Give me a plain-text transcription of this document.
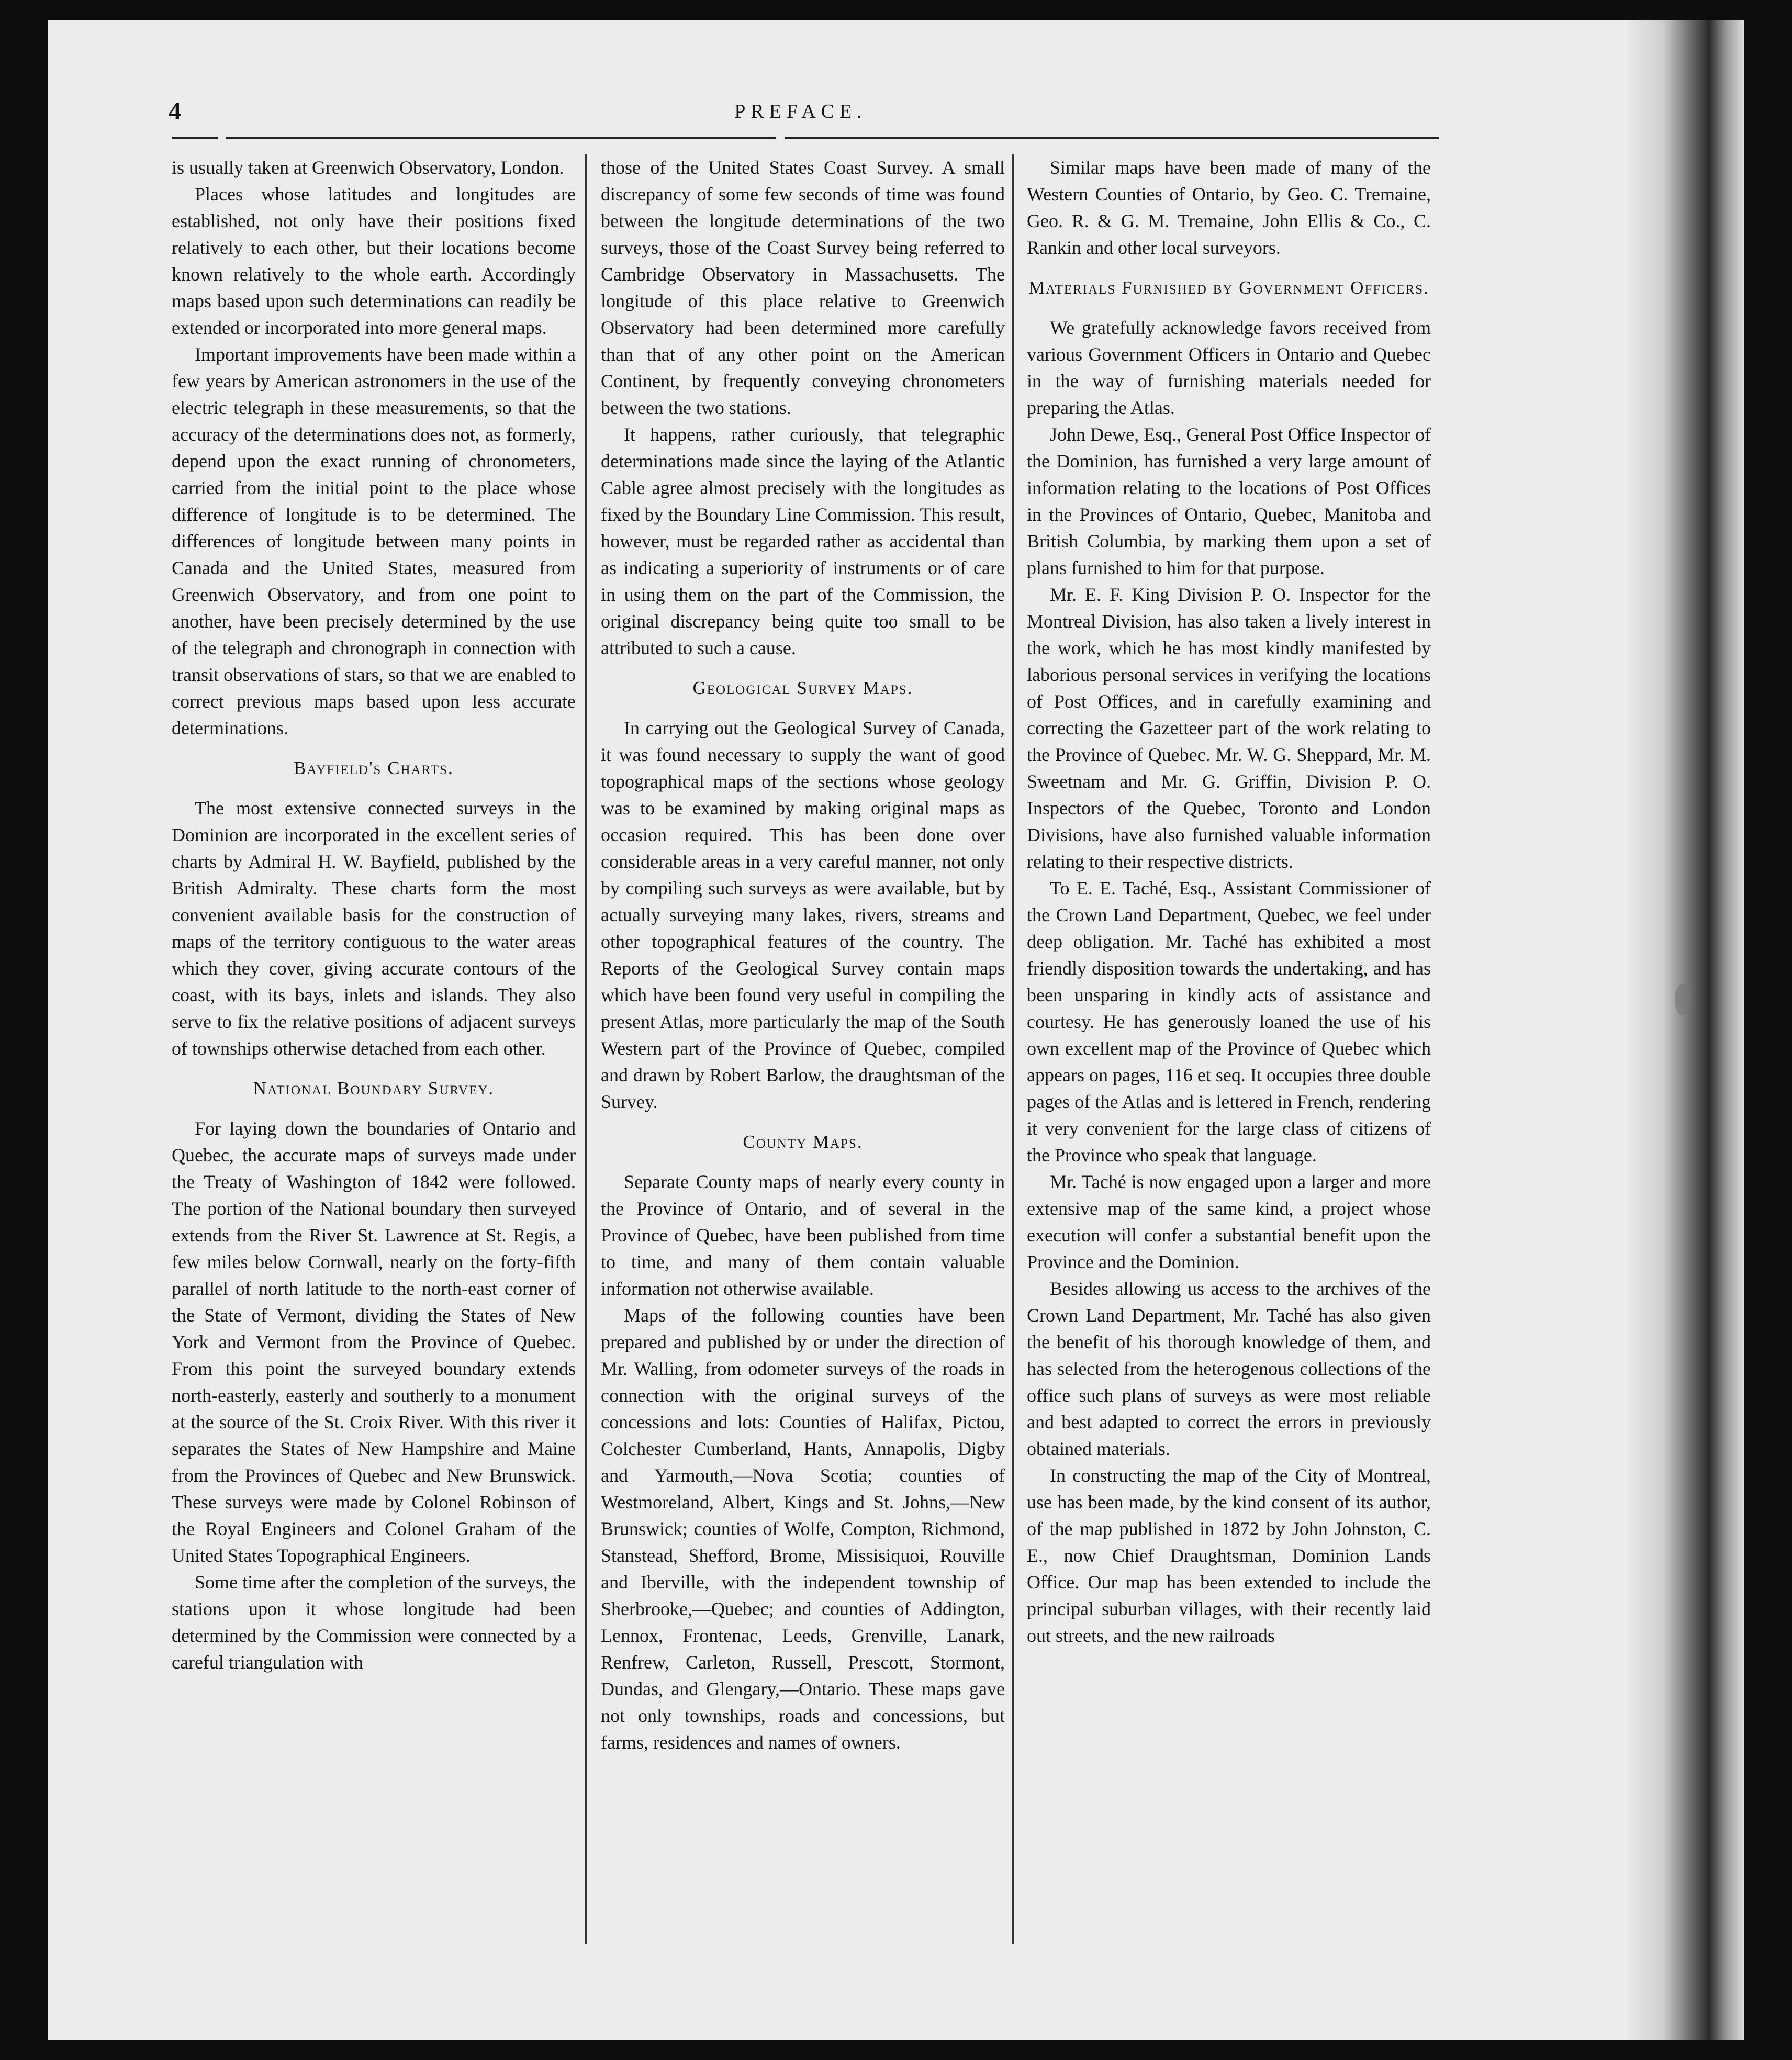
4	PREFACE.

is usually taken at Greenwich Observatory, London.

Places whose latitudes and longitudes are established, not only have their positions fixed relatively to each other, but their locations become known relatively to the whole earth. Accordingly maps based upon such determinations can readily be extended or incorporated into more general maps.

Important improvements have been made within a few years by American astronomers in the use of the electric telegraph in these measurements, so that the accuracy of the determinations does not, as formerly, depend upon the exact running of chronometers, carried from the initial point to the place whose difference of longitude is to be determined. The differences of longitude between many points in Canada and the United States, measured from Greenwich Observatory, and from one point to another, have been precisely determined by the use of the telegraph and chronograph in connection with transit observations of stars, so that we are enabled to correct previous maps based upon less accurate determinations.

Bayfield's Charts.

The most extensive connected surveys in the Dominion are incorporated in the excellent series of charts by Admiral H. W. Bayfield, published by the British Admiralty. These charts form the most convenient available basis for the construction of maps of the territory contiguous to the water areas which they cover, giving accurate contours of the coast, with its bays, inlets and islands. They also serve to fix the relative positions of adjacent surveys of townships otherwise detached from each other.

National Boundary Survey.

For laying down the boundaries of Ontario and Quebec, the accurate maps of surveys made under the Treaty of Washington of 1842 were followed. The portion of the National boundary then surveyed extends from the River St. Lawrence at St. Regis, a few miles below Cornwall, nearly on the forty-fifth parallel of north latitude to the north-east corner of the State of Vermont, dividing the States of New York and Vermont from the Province of Quebec. From this point the surveyed boundary extends north-easterly, easterly and southerly to a monument at the source of the St. Croix River. With this river it separates the States of New Hampshire and Maine from the Provinces of Quebec and New Brunswick. These surveys were made by Colonel Robinson of the Royal Engineers and Colonel Graham of the United States Topographical Engineers.

Some time after the completion of the surveys, the stations upon it whose longitude had been determined by the Commission were connected by a careful triangulation with

those of the United States Coast Survey. A small discrepancy of some few seconds of time was found between the longitude determinations of the two surveys, those of the Coast Survey being referred to Cambridge Observatory in Massachusetts. The longitude of this place relative to Greenwich Observatory had been determined more carefully than that of any other point on the American Continent, by frequently conveying chronometers between the two stations.

It happens, rather curiously, that telegraphic determinations made since the laying of the Atlantic Cable agree almost precisely with the longitudes as fixed by the Boundary Line Commission. This result, however, must be regarded rather as accidental than as indicating a superiority of instruments or of care in using them on the part of the Commission, the original discrepancy being quite too small to be attributed to such a cause.

Geological Survey Maps.

In carrying out the Geological Survey of Canada, it was found necessary to supply the want of good topographical maps of the sections whose geology was to be examined by making original maps as occasion required. This has been done over considerable areas in a very careful manner, not only by compiling such surveys as were available, but by actually surveying many lakes, rivers, streams and other topographical features of the country. The Reports of the Geological Survey contain maps which have been found very useful in compiling the present Atlas, more particularly the map of the South Western part of the Province of Quebec, compiled and drawn by Robert Barlow, the draughtsman of the Survey.

County Maps.

Separate County maps of nearly every county in the Province of Ontario, and of several in the Province of Quebec, have been published from time to time, and many of them contain valuable information not otherwise available.

Maps of the following counties have been prepared and published by or under the direction of Mr. Walling, from odometer surveys of the roads in connection with the original surveys of the concessions and lots: Counties of Halifax, Pictou, Colchester Cumberland, Hants, Annapolis, Digby and Yarmouth,—Nova Scotia; counties of Westmoreland, Albert, Kings and St. Johns,—New Brunswick; counties of Wolfe, Compton, Richmond, Stanstead, Shefford, Brome, Missisiquoi, Rouville and Iberville, with the independent township of Sherbrooke,—Quebec; and counties of Addington, Lennox, Frontenac, Leeds, Grenville, Lanark, Renfrew, Carleton, Russell, Prescott, Stormont, Dundas, and Glengary,—Ontario. These maps gave not only townships, roads and concessions, but farms, residences and names of owners.

Similar maps have been made of many of the Western Counties of Ontario, by Geo. C. Tremaine, Geo. R. & G. M. Tremaine, John Ellis & Co., C. Rankin and other local surveyors.

Materials Furnished by Government Officers.

We gratefully acknowledge favors received from various Government Officers in Ontario and Quebec in the way of furnishing materials needed for preparing the Atlas.

John Dewe, Esq., General Post Office Inspector of the Dominion, has furnished a very large amount of information relating to the locations of Post Offices in the Provinces of Ontario, Quebec, Manitoba and British Columbia, by marking them upon a set of plans furnished to him for that purpose.

Mr. E. F. King Division P. O. Inspector for the Montreal Division, has also taken a lively interest in the work, which he has most kindly manifested by laborious personal services in verifying the locations of Post Offices, and in carefully examining and correcting the Gazetteer part of the work relating to the Province of Quebec. Mr. W. G. Sheppard, Mr. M. Sweetnam and Mr. G. Griffin, Division P. O. Inspectors of the Quebec, Toronto and London Divisions, have also furnished valuable information relating to their respective districts.

To E. E. Taché, Esq., Assistant Commissioner of the Crown Land Department, Quebec, we feel under deep obligation. Mr. Taché has exhibited a most friendly disposition towards the undertaking, and has been unsparing in kindly acts of assistance and courtesy. He has generously loaned the use of his own excellent map of the Province of Quebec which appears on pages, 116 et seq. It occupies three double pages of the Atlas and is lettered in French, rendering it very convenient for the large class of citizens of the Province who speak that language.

Mr. Taché is now engaged upon a larger and more extensive map of the same kind, a project whose execution will confer a substantial benefit upon the Province and the Dominion.

Besides allowing us access to the archives of the Crown Land Department, Mr. Taché has also given the benefit of his thorough knowledge of them, and has selected from the heterogenous collections of the office such plans of surveys as were most reliable and best adapted to correct the errors in previously obtained materials.

In constructing the map of the City of Montreal, use has been made, by the kind consent of its author, of the map published in 1872 by John Johnston, C. E., now Chief Draughtsman, Dominion Lands Office. Our map has been extended to include the principal suburban villages, with their recently laid out streets, and the new railroads
